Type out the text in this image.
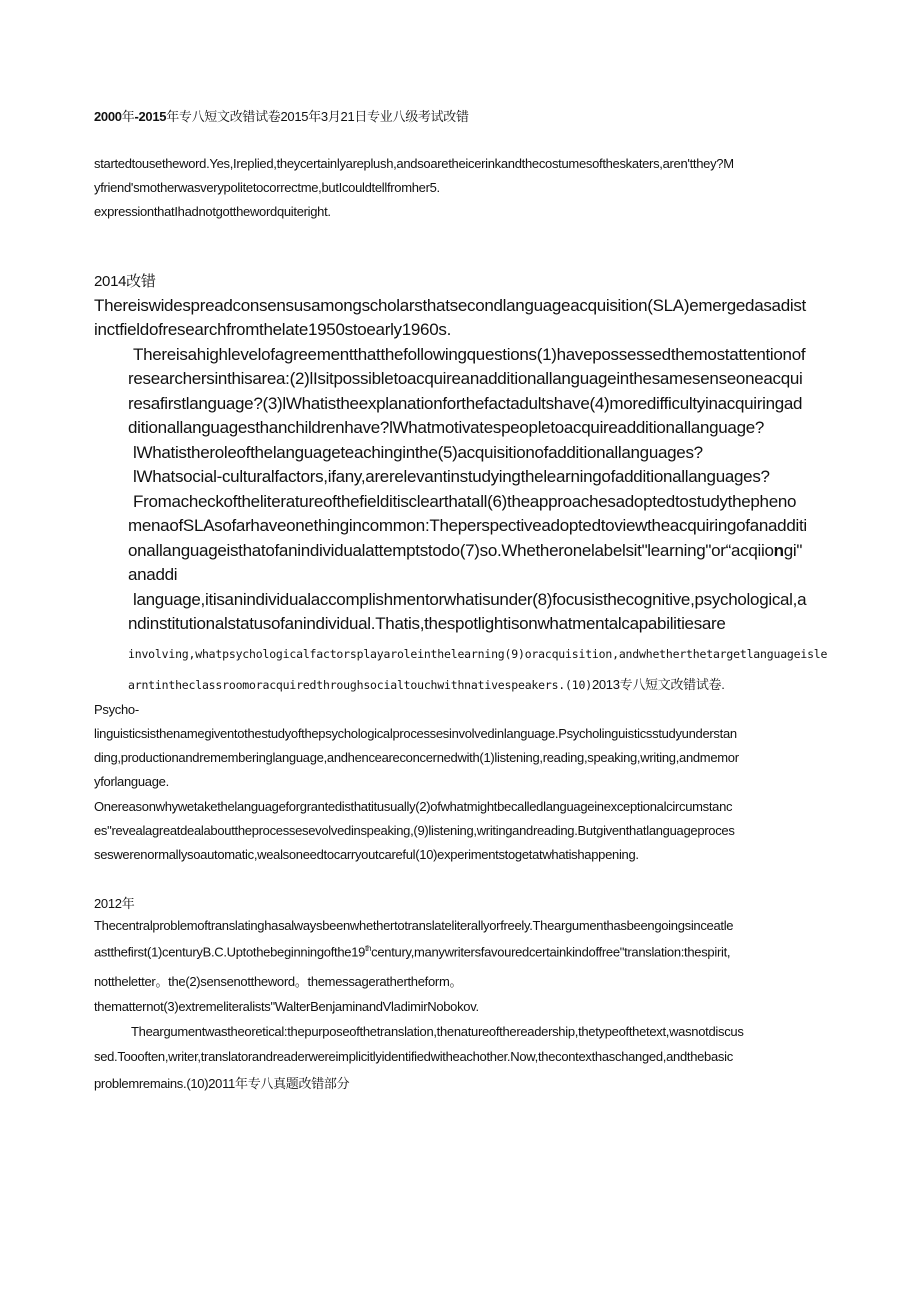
2000年-2015年专八短文改错试卷2015年3月21日专业八级考试改错
startedtousetheword.Yes,Ireplied,theycertainlyareplush,andsoaretheicerinkandthecostumesoftheskaters,aren'tthey?M
yfriend'smotherwasverypolitetocorrectme,butIcouldtellfromher5.
expressionthatIhadnotgotthewordquiteright.
2014改错
Thereiswidespreadconsensusamongscholarsthatsecondlanguageacquisition(SLA)emergedasadist
inctfieldofresearchfromthelate1950stoearly1960s.
Thereisahighlevelofagreementthatthefollowingquestions(1)havepossessedthemostattentionof
researchersinthisarea:(2)lIsitpossibletoacquireanadditionallanguageinthesamesenseoneacqui
resafirstlanguage?(3)lWhatistheexplanationforthefactadultshave(4)moredifficultyinacquiringad
ditionallanguagesthanchildrenhave?lWhatmotivatespeopletoacquireadditionallanguage?
lWhatistheroleofthelanguageteachinginthe(5)acquisitionofadditionallanguages?
lWhatsocial-culturalfactors,ifany,arerelevantinstudyingthelearningofadditionallanguages?
Fromacheckoftheliteratureofthefielditisclearthatall(6)theapproachesadoptedtostudythepheno
menaofSLAsofarhaveonethingincommon:Theperspectiveadoptedtoviewtheacquiringofanadditi
onallanguageisthatofanindividualattemptstodo(7)so.Whetheronelabelsit"learning"or“acqiiongi"
anaddi
language,itisanindividualaccomplishmentorwhatisunder(8)focusisthecognitive,psychological,a
ndinstitutionalstatusofanindividual.Thatis,thespotlightisonwhatmentalcapabilitiesare
involving,whatpsychologicalfactorsplayaroleinthelearning(9)oracquisition,andwhetherthetargetlanguageisle
arntintheclassroomoracquiredthroughsocialtouchwithnativespeakers.(10)2013专八短文改错试卷.
Psycho-
linguisticsisthenamegiventothestudyofthepsychologicalprocessesinvolvedinlanguage.Psycholinguisticsstudyunderstan
ding,productionandrememberinglanguage,andhenceareconcernedwith(1)listening,reading,speaking,writing,andmemor
yforlanguage.
Onereasonwhywetakethelanguageforgrantedisthatitusually(2)ofwhatmightbecalledlanguageinexceptionalcircumstanc
es"revealagreatdealabouttheprocessesevolvedinspeaking,(9)listening,writingandreading.Butgiventhatlanguageproces
seswerenormallysoautomatic,wealsoneedtocarryoutcareful(10)experimentstogetatwhatishappening.
2012年
Thecentralproblemoftranslatinghasalwaysbeenwhethertotranslateliterallyorfreely.Theargumenthasbeengoingsinceatle
astthefirst(1)centuryB.C.Uptothebeginningofthe19thcentury,manywritersfavouredcertainkindoffree"translation:thespirit,
nottheletter。the(2)sensenottheword。themessagerathertheform。
thematternot(3)extremeliteralists"WalterBenjaminandVladimirNobokov.
Theargumentwastheoretical:thepurposeofthetranslation,thenatureofthereadership,thetypeofthetext,wasnotdiscus
sed.Toooften,writer,translatorandreaderwereimplicitlyidentifiedwitheachother.Now,thecontexthaschanged,andthebasic
problemremains.(10)2011年专八真题改错部分
